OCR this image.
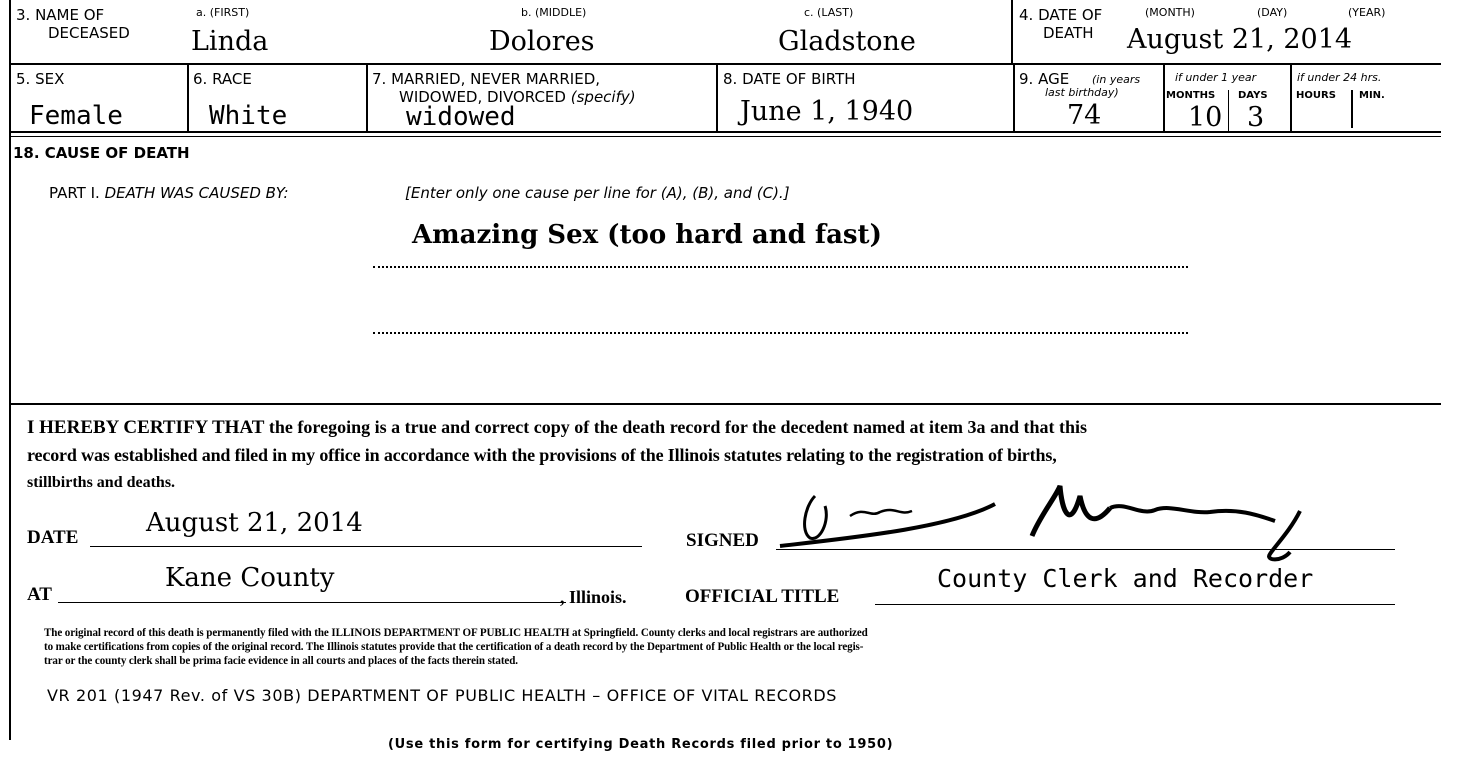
3. NAME OF
DECEASED
a. (FIRST)	b. (MIDDLE)	c. (LAST)
Linda	Dolores	Gladstone
4. DATE OF
DEATH
(MONTH)	(DAY)	(YEAR)
August 21, 2014
5. SEX
Female
6. RACE
White
7. MARRIED, NEVER MARRIED,
WIDOWED, DIVORCED (specify)
widowed
8. DATE OF BIRTH
June 1, 1940
9. AGE (in years
last birthday)
74
if under 1 year
MONTHS DAYS
10 3
if under 24 hrs.
HOURS MIN.
18. CAUSE OF DEATH
PART I. DEATH WAS CAUSED BY:	[Enter only one cause per line for (A), (B), and (C).]
Amazing Sex (too hard and fast)
I HEREBY CERTIFY THAT the foregoing is a true and correct copy of the death record for the decedent named at item 3a and that this
record was established and filed in my office in accordance with the provisions of the Illinois statutes relating to the registration of births,
stillbirths and deaths.
DATE	August 21, 2014
SIGNED
AT
Kane County
, Illinois.	OFFICIAL TITLE
County Clerk and Recorder
The original record of this death is permanently filed with the ILLINOIS DEPARTMENT OF PUBLIC HEALTH at Springfield. County clerks and local registrars are authorized
to make certifications from copies of the original record. The Illinois statutes provide that the certification of a death record by the Department of Public Health or the local regis-
trar or the county clerk shall be prima facie evidence in all courts and places of the facts therein stated.
VR 201 (1947 Rev. of VS 30B) DEPARTMENT OF PUBLIC HEALTH – OFFICE OF VITAL RECORDS
(Use this form for certifying Death Records filed prior to 1950)
